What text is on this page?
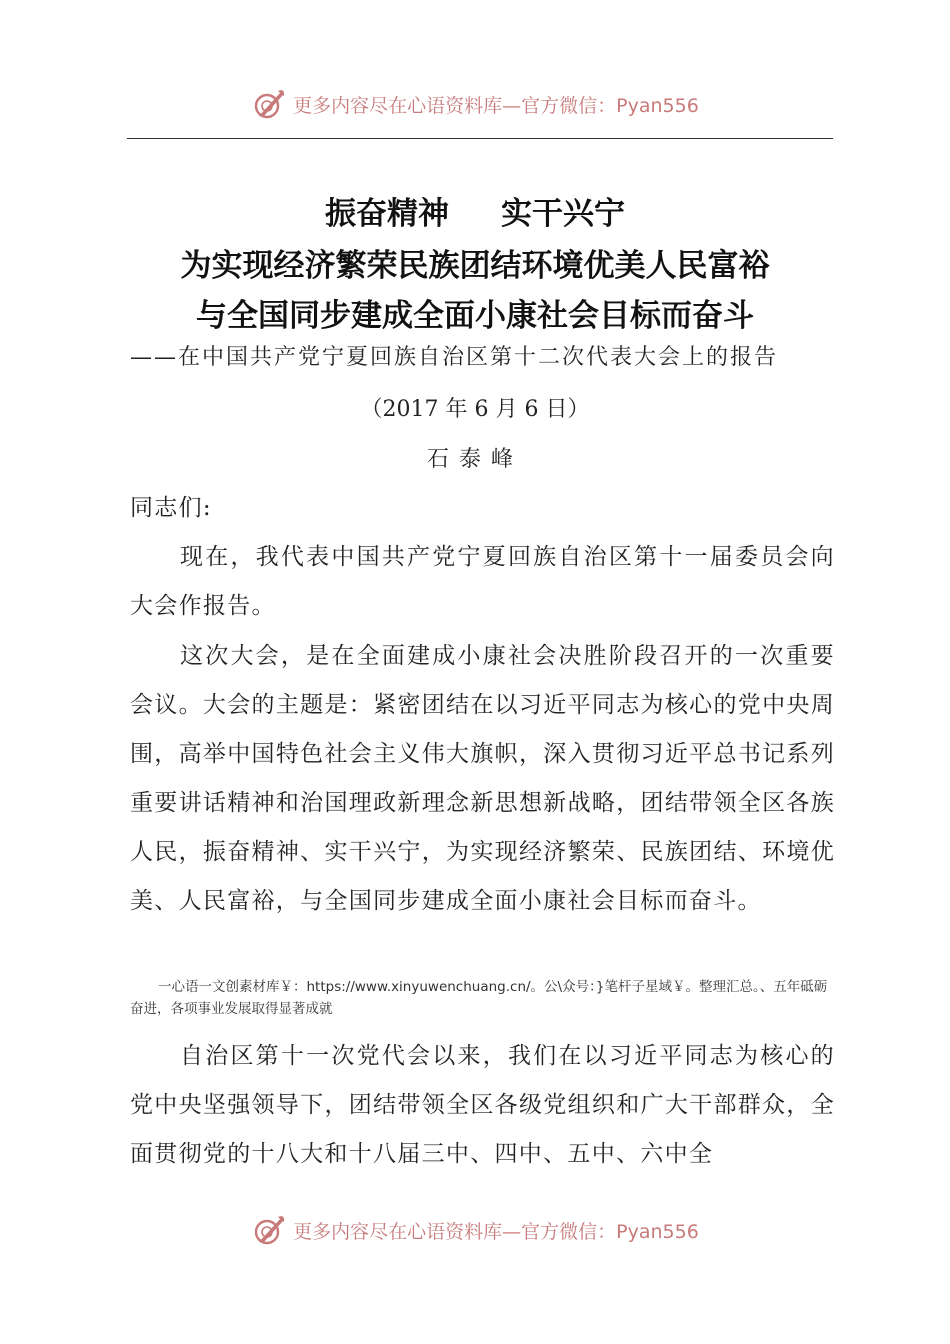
更多内容尽在心语资料库—官方微信：Pyan556
振奋精神 实干兴宁
为实现经济繁荣民族团结环境优美人民富裕
与全国同步建成全面小康社会目标而奋斗
——在中国共产党宁夏回族自治区第十二次代表大会上的报告
（2017 年 6 月 6 日）
石泰峰

同志们:

现在，我代表中国共产党宁夏回族自治区第十一届委员会向大会作报告。

这次大会，是在全面建成小康社会决胜阶段召开的一次重要会议。大会的主题是：紧密团结在以习近平同志为核心的党中央周围，高举中国特色社会主义伟大旗帜，深入贯彻习近平总书记系列重要讲话精神和治国理政新理念新思想新战略，团结带领全区各族人民，振奋精神、实干兴宁，为实现经济繁荣、民族团结、环境优美、人民富裕，与全国同步建成全面小康社会目标而奋斗。

一心语一文创素材库￥：https://www.xinyuwenchuang.cn/。公\众号：}笔杆子星域￥。整理汇总。、五年砥砺奋进，各项事业发展取得显著成就

自治区第十一次党代会以来，我们在以习近平同志为核心的党中央坚强领导下，团结带领全区各级党组织和广大干部群众，全面贯彻党的十八大和十八届三中、四中、五中、六中全

更多内容尽在心语资料库—官方微信：Pyan556
